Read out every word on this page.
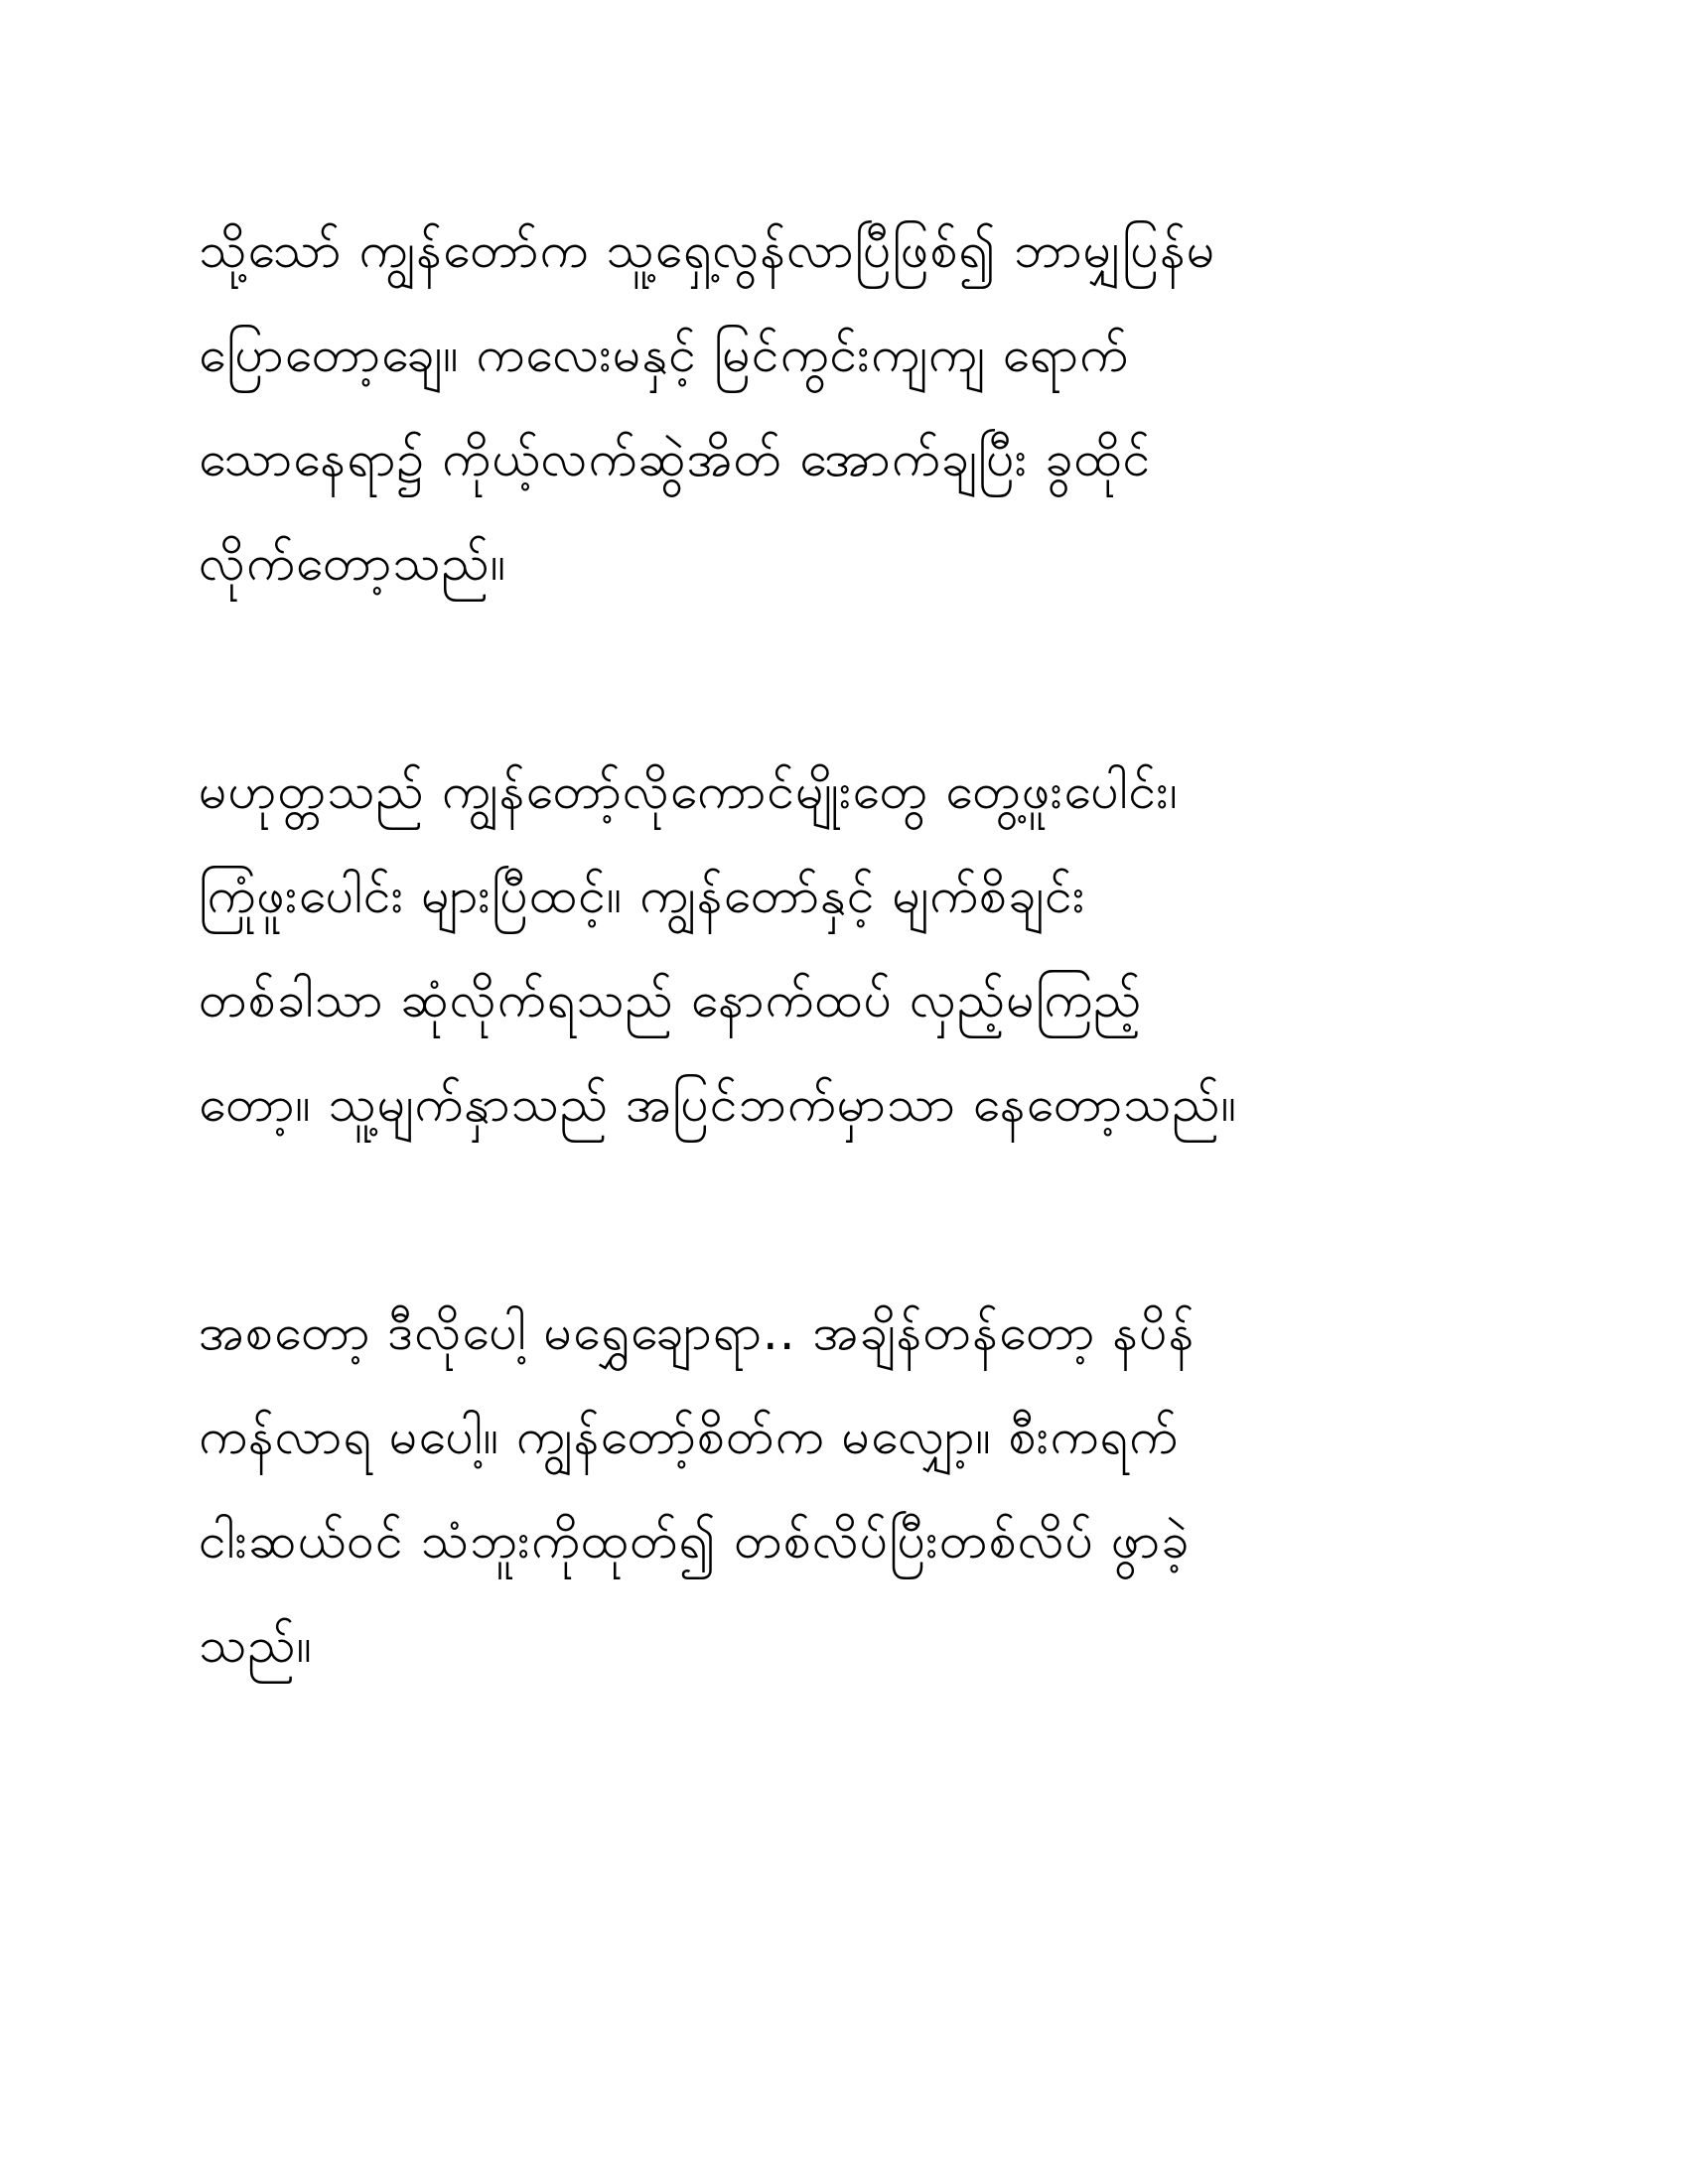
သို့သော် ကျွန်တော်က သူ့ရှေ့လွန်လာပြီဖြစ်၍ ဘာမျှပြန်မ
ပြောတော့ချေ။ ကလေးမနှင့် မြင်ကွင်းကျကျ ရောက်
သောနေရာ၌ ကိုယ့်လက်ဆွဲအိတ် အောက်ချပြီး ခွထိုင်
လိုက်တော့သည်။
မဟုတ္တသည် ကျွန်တော့်လိုကောင်မျိုးတွေ တွေ့ဖူးပေါင်း၊
ကြုံဖူးပေါင်း များပြီထင့်။ ကျွန်တော်နှင့် မျက်စိချင်း
တစ်ခါသာ ဆုံလိုက်ရသည် နောက်ထပ် လှည့်မကြည့်
တော့။ သူ့မျက်နှာသည် အပြင်ဘက်မှာသာ နေတော့သည်။
အစတော့ ဒီလိုပေါ့ မရွှေချောရာ.. အချိန်တန်တော့ နပိန်
ကန်လာရ မပေါ့။ ကျွန်တော့်စိတ်က မလျှော့။ စီးကရက်
ငါးဆယ်ဝင် သံဘူးကိုထုတ်၍ တစ်လိပ်ပြီးတစ်လိပ် ဖွာခဲ့
သည်။
